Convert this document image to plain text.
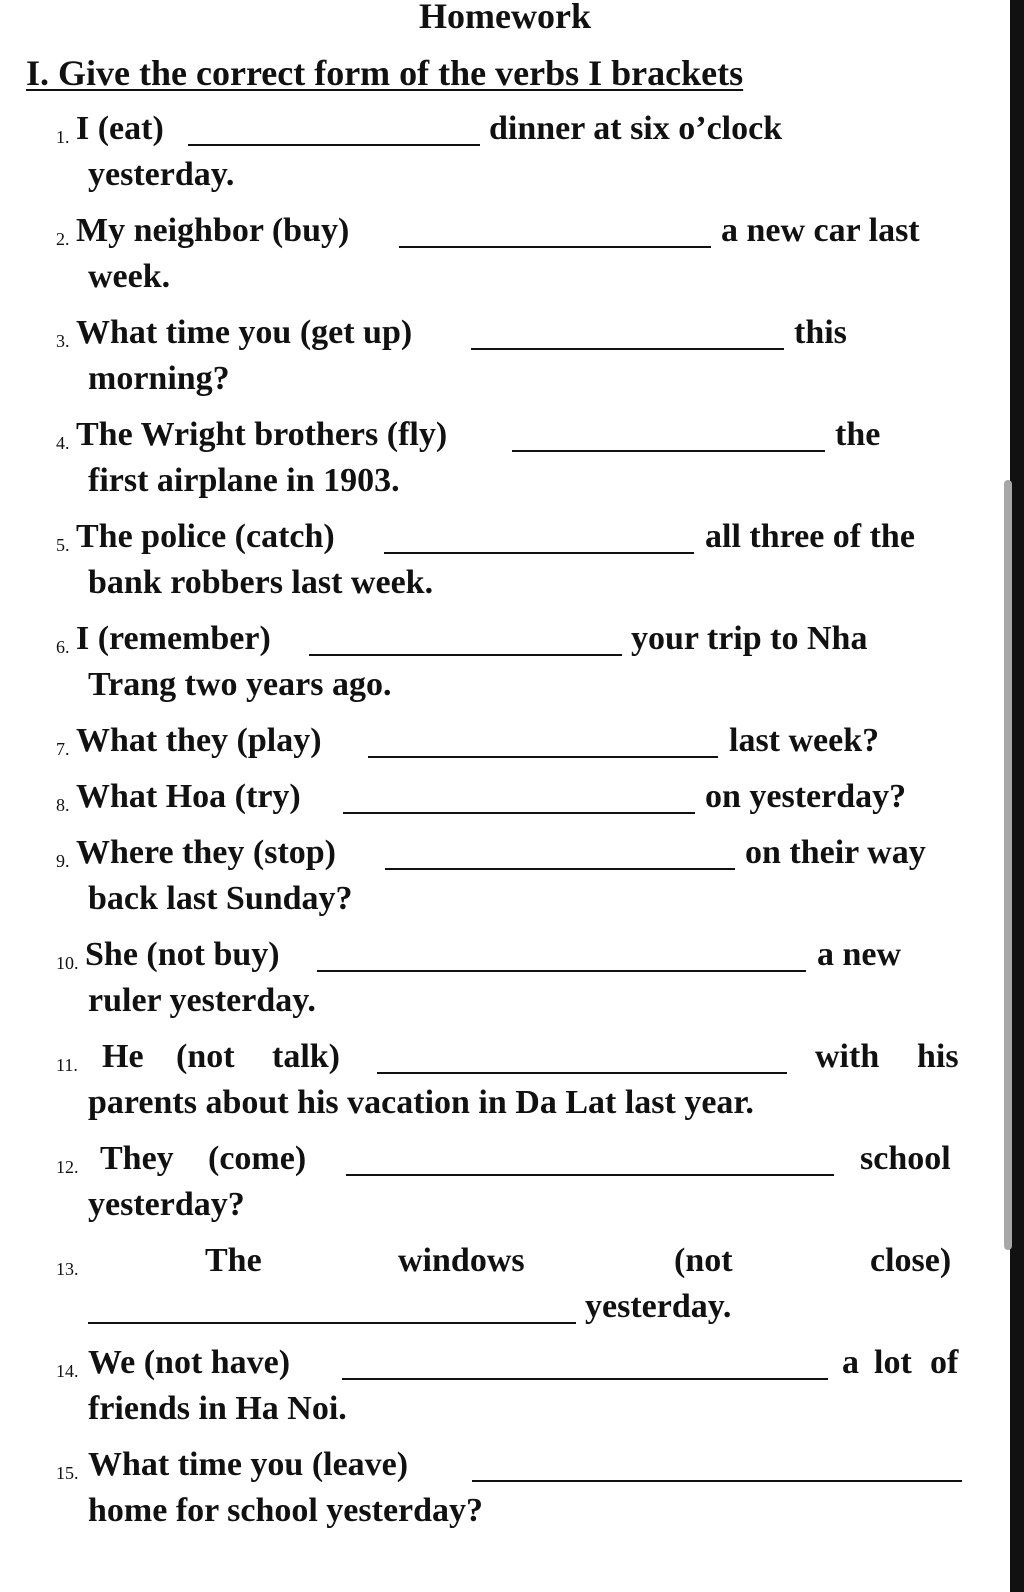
Homework
I. Give the correct form of the verbs I brackets
1. I (eat)	dinner at six o’clock
yesterday.
2. My neighbor (buy)	a new car last
week.
3. What time you (get up)	this
morning?
4. The Wright brothers (fly)	the
first airplane in 1903.
5. The police (catch)	all three of the
bank robbers last week.
6. I (remember)	your trip to Nha
Trang two years ago.
7. What they (play)	last week?
8. What Hoa (try)	on yesterday?
9. Where they (stop)	on their way
back last Sunday?
10. She (not buy)	a new
ruler yesterday.
11. He (not talk)	with his
parents about his vacation in Da Lat last year.
12. They (come)	school
yesterday?
13.	The	windows	(not	close)
yesterday.
14. We (not have)	a lot of
friends in Ha Noi.
15. What time you (leave)
home for school yesterday?
